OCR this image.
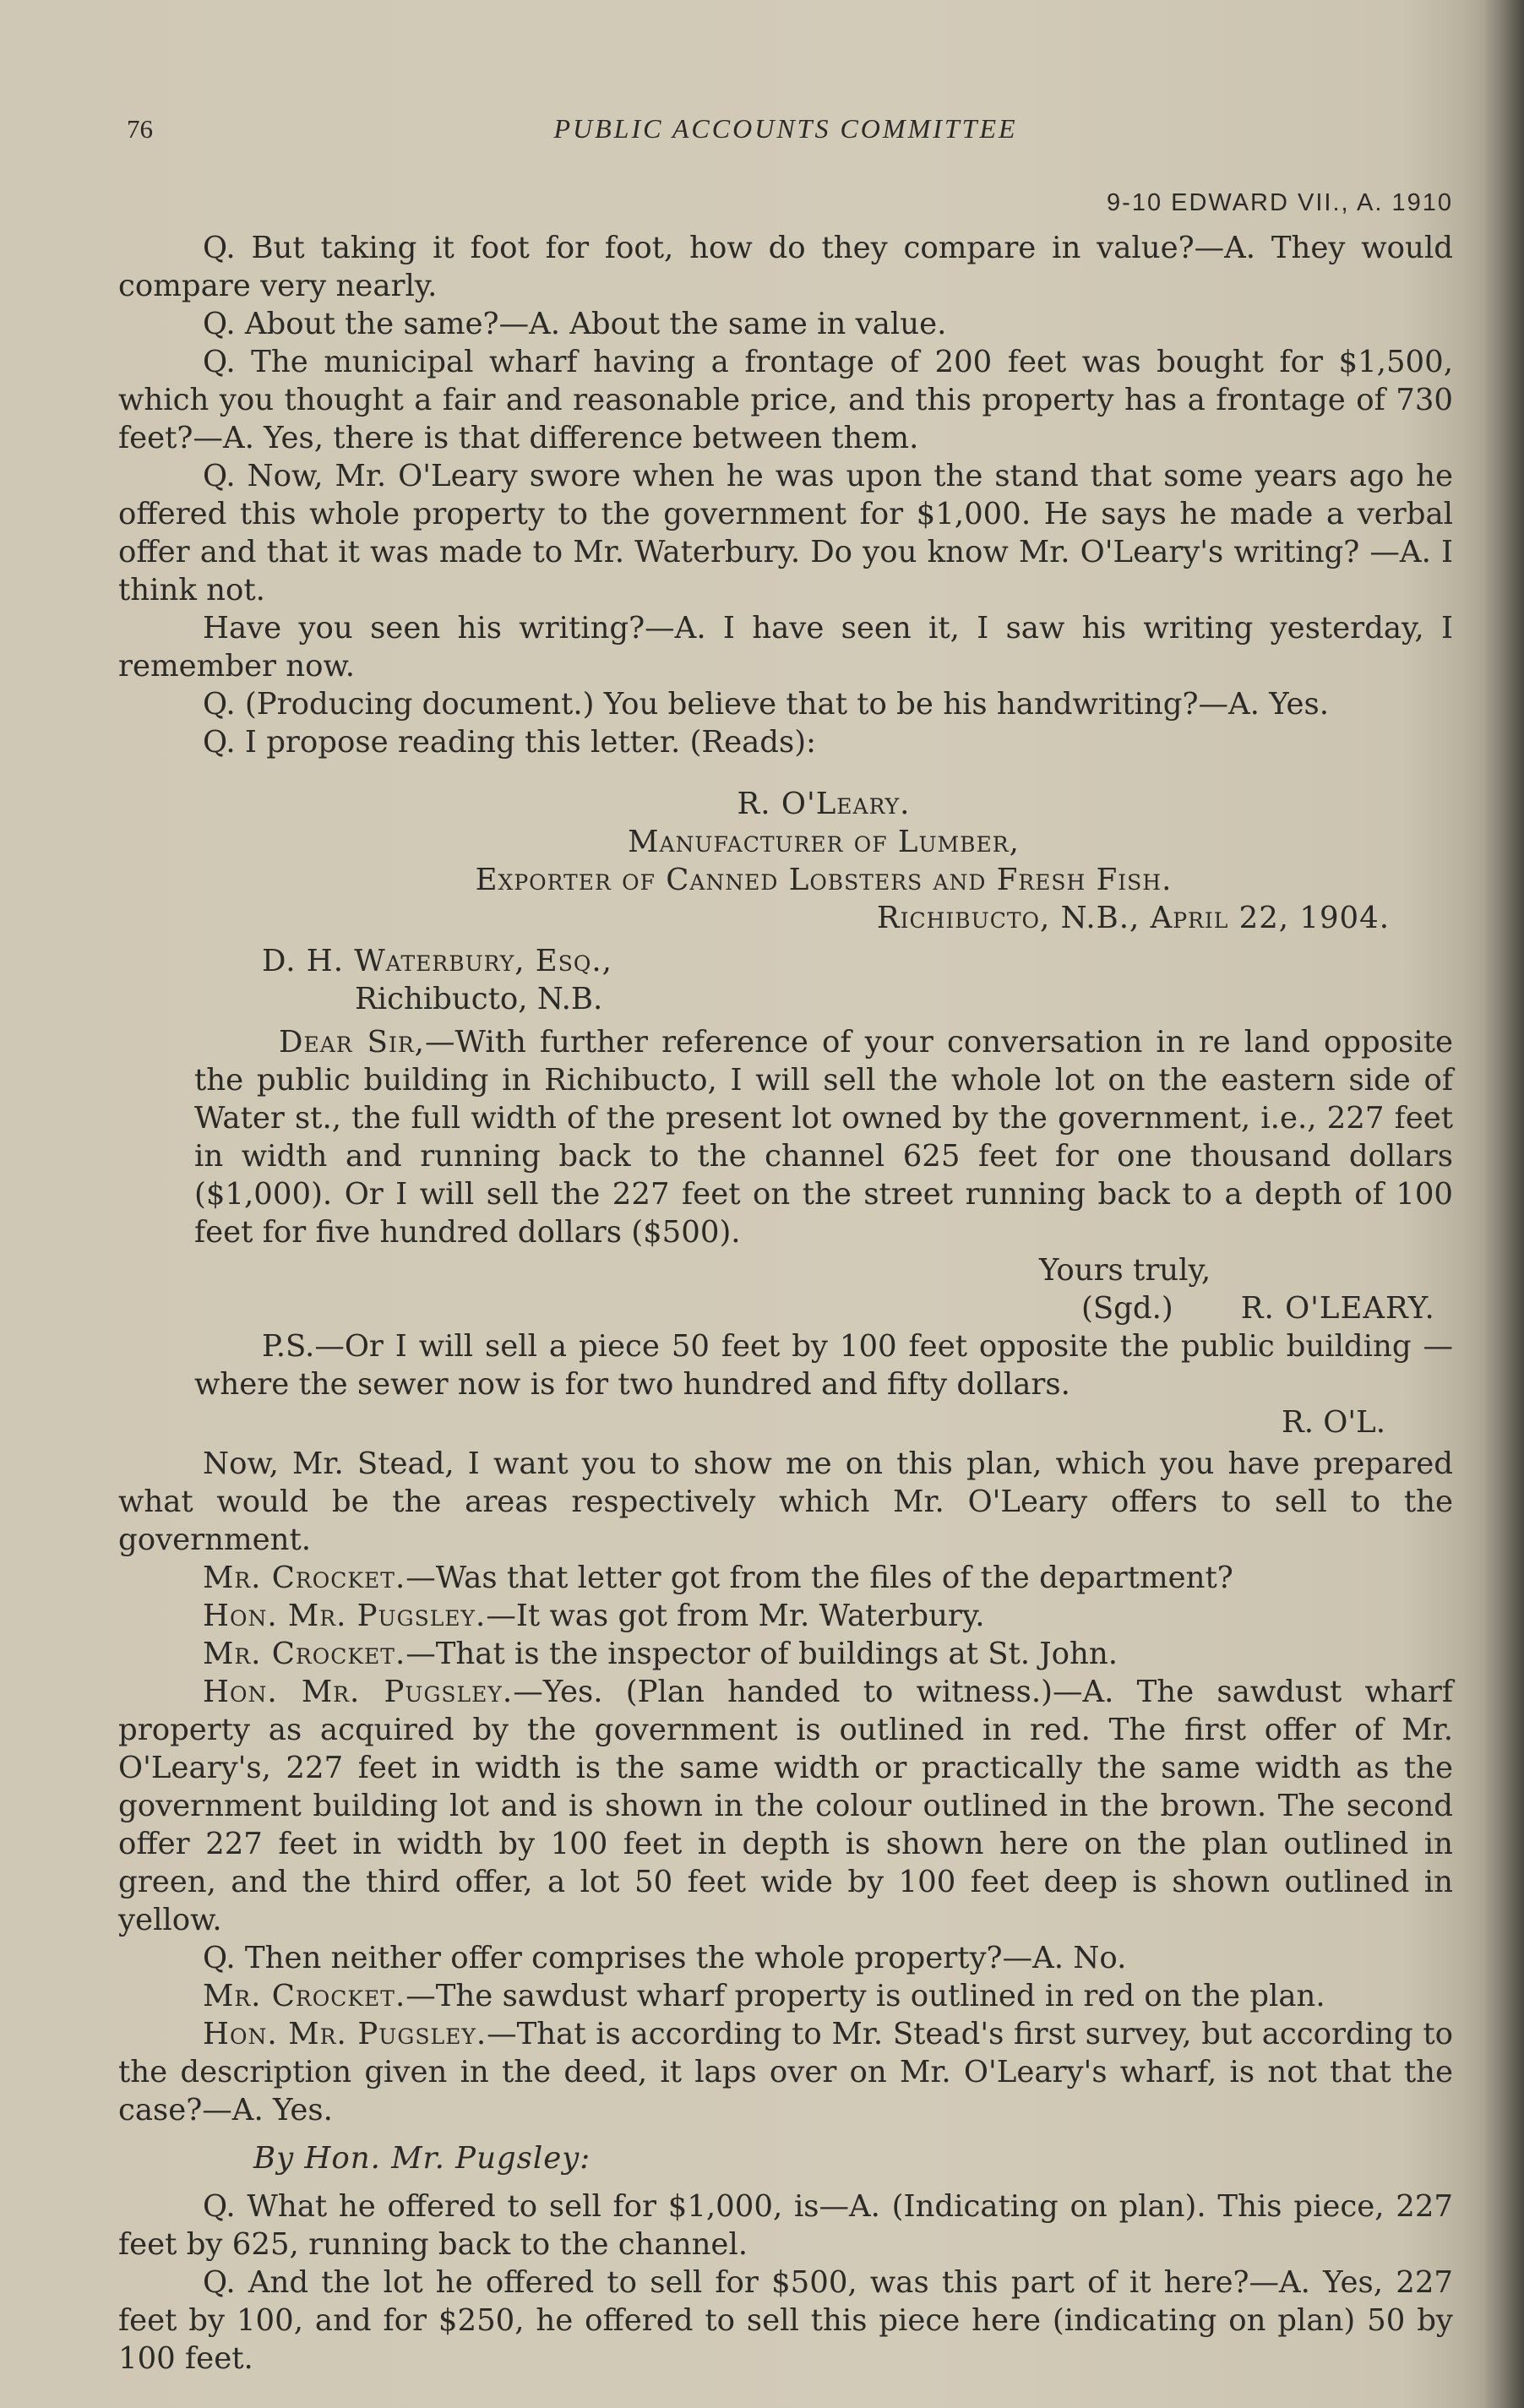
76	PUBLIC ACCOUNTS COMMITTEE
9-10 EDWARD VII., A. 1910

Q. But taking it foot for foot, how do they compare in value?—A. They would compare very nearly.

Q. About the same?—A. About the same in value.

Q. The municipal wharf having a frontage of 200 feet was bought for $1,500, which you thought a fair and reasonable price, and this property has a frontage of 730 feet?—A. Yes, there is that difference between them.

Q. Now, Mr. O'Leary swore when he was upon the stand that some years ago he offered this whole property to the government for $1,000. He says he made a verbal offer and that it was made to Mr. Waterbury. Do you know Mr. O'Leary's writing? —A. I think not.

Have you seen his writing?—A. I have seen it, I saw his writing yesterday, I remember now.

Q. (Producing document.) You believe that to be his handwriting?—A. Yes.

Q. I propose reading this letter. (Reads):

R. O'Leary.
Manufacturer of Lumber,
Exporter of Canned Lobsters and Fresh Fish.
Richibucto, N.B., April 22, 1904.
D. H. Waterbury, Esq.,
Richibucto, N.B.

Dear Sir,—With further reference of your conversation in re land opposite the public building in Richibucto, I will sell the whole lot on the eastern side of Water st., the full width of the present lot owned by the government, i.e., 227 feet in width and running back to the channel 625 feet for one thousand dollars ($1,000). Or I will sell the 227 feet on the street running back to a depth of 100 feet for five hundred dollars ($500).

Yours truly,
(Sgd.) R. O'LEARY.

P.S.—Or I will sell a piece 50 feet by 100 feet opposite the public building —where the sewer now is for two hundred and fifty dollars.

R. O'L.

Now, Mr. Stead, I want you to show me on this plan, which you have prepared what would be the areas respectively which Mr. O'Leary offers to sell to the government.

Mr. Crocket.—Was that letter got from the files of the department?

Hon. Mr. Pugsley.—It was got from Mr. Waterbury.

Mr. Crocket.—That is the inspector of buildings at St. John.

Hon. Mr. Pugsley.—Yes. (Plan handed to witness.)—A. The sawdust wharf property as acquired by the government is outlined in red. The first offer of Mr. O'Leary's, 227 feet in width is the same width or practically the same width as the government building lot and is shown in the colour outlined in the brown. The second offer 227 feet in width by 100 feet in depth is shown here on the plan outlined in green, and the third offer, a lot 50 feet wide by 100 feet deep is shown outlined in yellow.

Q. Then neither offer comprises the whole property?—A. No.

Mr. Crocket.—The sawdust wharf property is outlined in red on the plan.

Hon. Mr. Pugsley.—That is according to Mr. Stead's first survey, but according to the description given in the deed, it laps over on Mr. O'Leary's wharf, is not that the case?—A. Yes.

By Hon. Mr. Pugsley:

Q. What he offered to sell for $1,000, is—A. (Indicating on plan). This piece, 227 feet by 625, running back to the channel.

Q. And the lot he offered to sell for $500, was this part of it here?—A. Yes, 227 feet by 100, and for $250, he offered to sell this piece here (indicating on plan) 50 by 100 feet.
